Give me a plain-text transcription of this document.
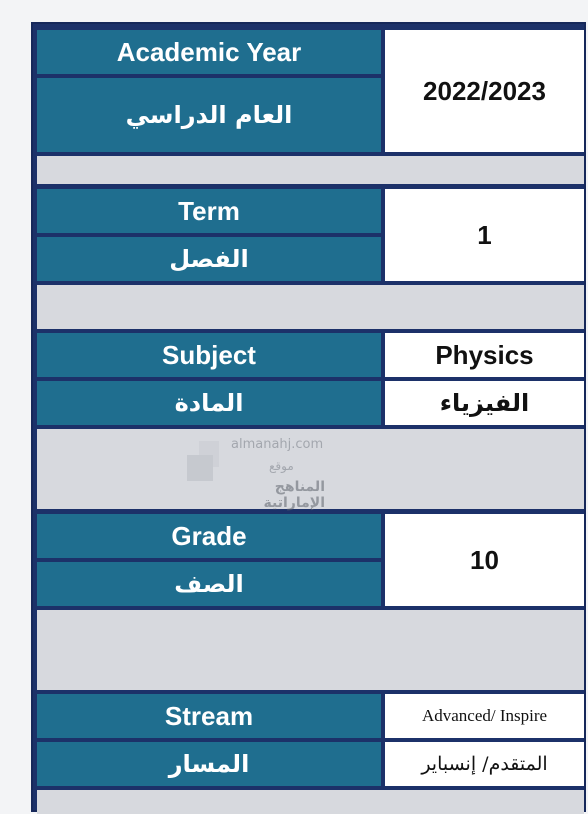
Academic Year
العام الدراسي
2022/2023
Term
الفصل
1
Subject
المادة
Physics
الفيزياء
Grade
الصف
10
Stream
المسار
Advanced/ Inspire
المتقدم/ إنسباير
almanahj.com
موقع
المناهج الإماراتية
